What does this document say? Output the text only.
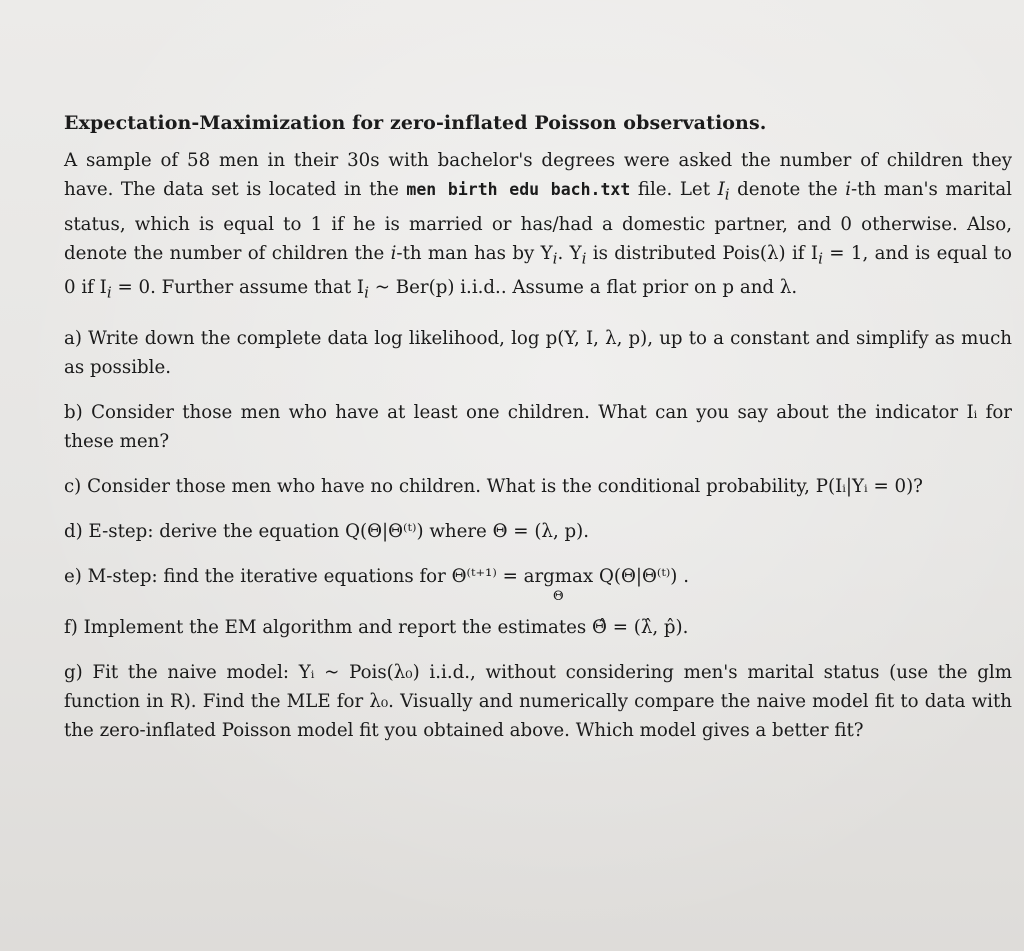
Expectation-Maximization for zero-inflated Poisson observations.

A sample of 58 men in their 30s with bachelor's degrees were asked the number of children they have. The data set is located in the men birth edu bach.txt file. Let $I_i$ denote the i-th man's marital status, which is equal to 1 if he is married or has/had a domestic partner, and 0 otherwise. Also, denote the number of children the i-th man has by $Y_i$. $Y_i$ is distributed Pois(λ) if $I_i = 1$, and is equal to 0 if $I_i = 0$. Further assume that $I_i$ ~ Ber(p) i.i.d.. Assume a flat prior on p and λ.

a) Write down the complete data log likelihood, log p(Y, I, λ, p), up to a constant and simplify as much as possible.

b) Consider those men who have at least one children. What can you say about the indicator Iᵢ for these men?

c) Consider those men who have no children. What is the conditional probability, P(Iᵢ|Yᵢ = 0)?

d) E-step: derive the equation Q(Θ|Θ⁽ᵗ⁾) where Θ = (λ, p).

e) M-step: find the iterative equations for Θ⁽ᵗ⁺¹⁾ = argmax
Θ
Q(Θ|Θ⁽ᵗ⁾) .

f) Implement the EM algorithm and report the estimates Θ̂ = (λ̂, p̂).

g) Fit the naive model: Yᵢ ~ Pois(λ₀) i.i.d., without considering men's marital status (use the glm function in R). Find the MLE for λ₀. Visually and numerically compare the naive model fit to data with the zero-inflated Poisson model fit you obtained above. Which model gives a better fit?
